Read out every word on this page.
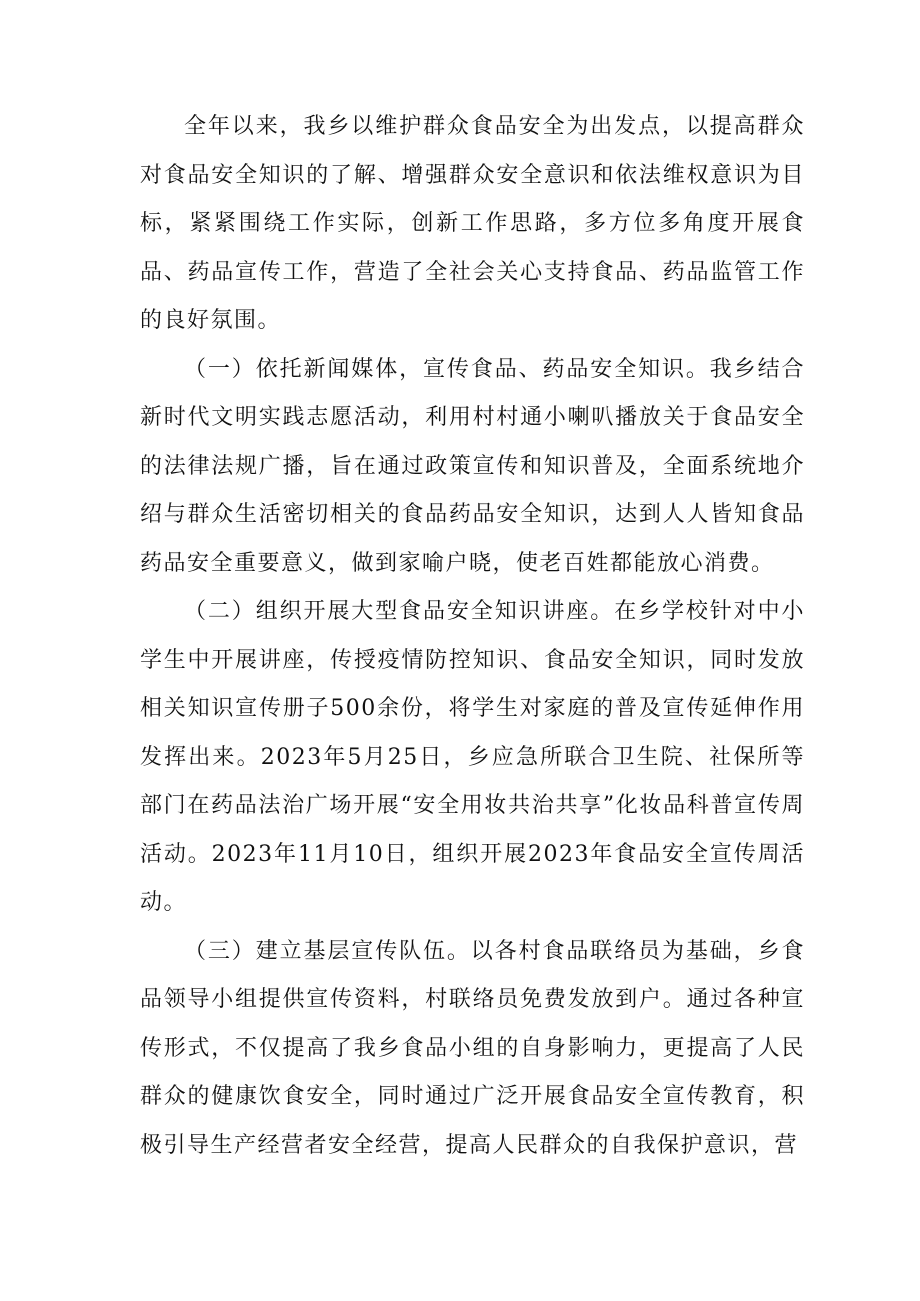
全年以来，我乡以维护群众食品安全为出发点，以提高群众对食品安全知识的了解、增强群众安全意识和依法维权意识为目标，紧紧围绕工作实际，创新工作思路，多方位多角度开展食品、药品宣传工作，营造了全社会关心支持食品、药品监管工作的良好氛围。

（一）依托新闻媒体，宣传食品、药品安全知识。我乡结合新时代文明实践志愿活动，利用村村通小喇叭播放关于食品安全的法律法规广播，旨在通过政策宣传和知识普及，全面系统地介绍与群众生活密切相关的食品药品安全知识，达到人人皆知食品药品安全重要意义，做到家喻户晓，使老百姓都能放心消费。

（二）组织开展大型食品安全知识讲座。在乡学校针对中小学生中开展讲座，传授疫情防控知识、食品安全知识，同时发放相关知识宣传册子500余份，将学生对家庭的普及宣传延伸作用发挥出来。2023年5月25日，乡应急所联合卫生院、社保所等部门在药品法治广场开展“安全用妆共治共享”化妆品科普宣传周活动。2023年11月10日，组织开展2023年食品安全宣传周活动。

（三）建立基层宣传队伍。以各村食品联络员为基础，乡食品领导小组提供宣传资料，村联络员免费发放到户。通过各种宣传形式，不仅提高了我乡食品小组的自身影响力，更提高了人民群众的健康饮食安全，同时通过广泛开展食品安全宣传教育，积极引导生产经营者安全经营，提高人民群众的自我保护意识，营
